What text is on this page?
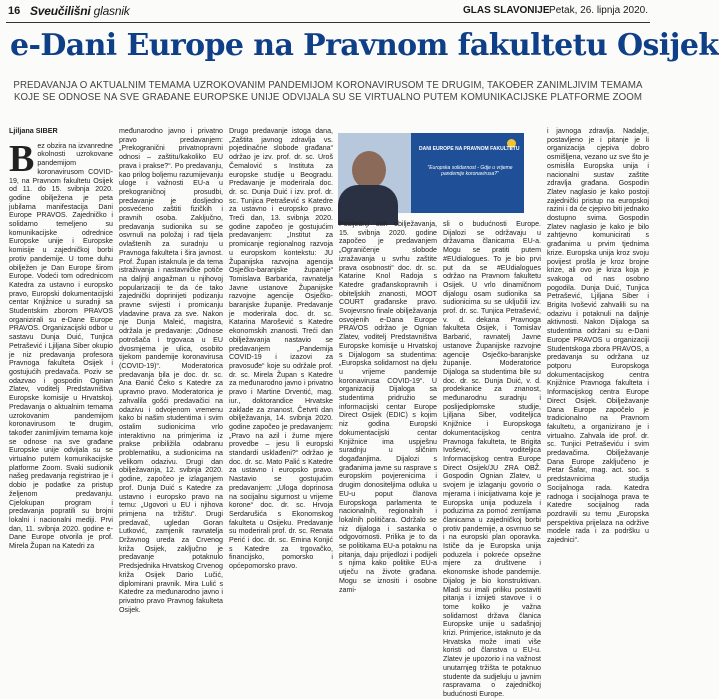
16 Sveučilišni glasnik	GLAS SLAVONIJE Petak, 26. lipnja 2020.
e-Dani Europe na Pravnom fakultetu Osijek

PREDAVANJA O AKTUALNIM TEMAMA UZROKOVANIM PANDEMIJOM KORONAVIRUSOM TE DRUGIM, TAKOĐER ZANIMLJIVIM TEMAMA KOJE SE ODNOSE NA SVE GRAĐANE EUROPSKE UNIJE ODVIJALA SU SE VIRTUALNO PUTEM KOMUNIKACIJSKE PLATFORME ZOOM

Ljiljana SIBER

Bez obzira na izvanredne okolnosti uzrokovane pandemijom koronavirusom COVID-19, na Pravnom fakultetu Osijek od 11. do 15. svibnja 2020. godine obilježena je peta jubilarna manifestacija Dani Europe PRAVOS. Zajedničko i solidarno temeljeno su komunikacijske odrednice Europske unije i Europske komisije u zajedničkoj borbi protiv pandemije. U tome duhu obilježen je Dan Europe širom Europe. Vodeći tom odrednicom Katedra za ustavno i europsko pravo, Europski dokumentacijski centar Knjižnice u suradnji sa Studentskim zborom PRAVOS organizirali su e-Dane Europe PRAVOS. Organizacijski odbor u sastavu Dunja Duić, Tunjica Petrašević i Ljiljana Siber okupio je niz predavanja profesora Pravnoga fakulteta Osijek i gostujućih predavača. Poziv se odazvao i gospodin Ognian Zlatev, voditelj Predstavništva Europske komisije u Hrvatskoj. Predavanja o aktualnim temama uzrokovanim pandemijom koronavirusom te drugim, također zanimljivim temama koje se odnose na sve građane Europske unije odvijala su se virtualno putem komunikacijske platforme Zoom. Svaki sudionik našeg predavanja registrirao je i dobio je podatke za pristup željenom predavanju. Cjelokupan program i predavanja popratili su brojni lokalni i nacionalni mediji. Prvi dan, 11. svibnja 2020. godine e-Dane Europe otvorila je prof. Mirela Župan na Katedri za

međunarodno javno i privatno pravo predavanjem: „Prekogranični privatnopravni odnosi – zaštitu/kakoliko EU prava i prakse?“. Po predavanju, kao prilog boljemu razumijevanju uloge i važnosti EU-a u prekograničnoj prosudbi, predavanje je dosljedno posvećeno zaštiti fizičkih i pravnih osoba. Zaključno, predavanja sudionika su se osvrnuli na položaj i rad tijela ovlaštenih za suradnju u Pravnoga fakulteta i šira javnost. Prof. Župan istaknula je da tema istraživanja i nastavničke potiče na daljnji angažman u njihovoj popularizaciji te da će tako zajednički doprinijeti podizanju pravne svijesti i promicanju vladavine prava za sve. Nakon nje Dunja Maleić, magistra, održala je predavanje: „Odnose potrošača i trgovaca u EU dvosmjerna je ulica, osobito tijekom pandemije koronavirusa (COVID-19)“. Moderatorica predavanja bila je doc. dr. sc. Ana Đanić Čeko s Katedre za upravno pravo. Moderatorica je zahvalila gošći predavačici na odazivu i odvojenom vremenu kako bi našim studentima i svim ostalim sudionicima vrlo interaktivno na primjerima iz prakse pribiližila odabranu problematiku, a sudionicima na velikom odazivu. Drugi dan obilježavanja, 12. svibnja 2020. godine, započeo je izlaganjem prof. Dunja Duić s Katedre za ustavno i europsko pravo na temu: „Ugovori u EU i njihova primjena na tržištu“. Drugi predavač, ugledan Goran Lutković, zamjenik ravnatelja Državnog ureda za Crvenog križa Osijek, zaključno je predavanje potaknulo Predsjednika Hrvatskog Crvenog križa Osijek Dario Lučić, diplomirani pravnik. Mira Lulić s Katedre za međunarodno javno i privatno pravo Pravnog fakulteta Osijek.

Drugo predavanje istoga dana, „Zaštita javnog zdravlja vs. pojedinačne slobode građana“ održao je izv. prof. dr. sc. Uroš Čemalović s Instituta za europske studije u Beogradu. Predavanje je moderirala doc. dr. sc. Dunja Duić i izv. prof. dr. sc. Tunjica Petrašević s Katedre za ustavno i europsko pravo. Treći dan, 13. svibnja 2020. godine započeo je gostujućim predavanjem: „Institut za promicanje regionalnog razvoja u europskom kontekstu: JU Županijska razvojna agencija Osječko-baranjske županije“ Tomislava Barbarića, ravnatelja Javne ustanove Županijske razvojne agencije Osječko-baranjske županije. Predavanje je moderirala doc. dr. sc. Katarina Marošević s Katedre ekonomskih znanosti. Treći dan obilježavanja nastavio se predavanjem „Pandemija COVID-19 i izazovi za pravosuđe“ koje su održale prof. dr. sc. Mirela Župan s Katedre za međunarodno javno i privatno pravo i Martine Drventić, mag. iur., doktorandice Hrvatske zaklade za znanost. Četvrti dan obilježavanja, 14. svibnja 2020. godine započeo je predavanjem: „Pravo na azil i žurne mjere provedbe – jesu li europski standardi usklađeni?“ održao je doc. dr. sc. Mato Palić s Katedre za ustavno i europsko pravo. Nastavio se gostujućim predavanjem: „Uloga doprinosa na socijalnu sigurnost u vrijeme korone“ doc. dr. sc. Hrvoja Serdarušića s Ekonomskog fakulteta u Osijeku. Predavanje su moderirali prof. dr. sc. Renata Perić i doc. dr. sc. Emina Konjić s Katedre za trgovačko, financijsko, pomorsko i općepomorsko pravo.

DANI EUROPE NA PRAVNOM FAKULTETU
"Europska solidarnost - Gdje u vrijeme pandemije koronavirusa?"

Posljednji dan obilježavanja, 15. svibnja 2020. godine započeo je predavanjem „Ograničenje slobode izražavanja u svrhu zaštite prava osobnosti“ doc. dr. sc. Katarine Knol Radoja s Katedre građanskopravnih i obiteljskih znanosti, MOOT COURT građanske pravo. Svojevrsno finale obilježavanja osvojenih e-Dana Europe PRAVOS održao je Ognian Zlatev, voditelj Predstavništva Europske komisije u Hrvatskoj s Dijalogom sa studentima: „Europska solidarnost na djelu u vrijeme pandemije koronavirusa COVID-19“. U organizaciji Dijaloga sa studentima pridružio se informacijski centar Europe Direct Osijek (EDIC) s kojim niz godina Europski dokumentacijski centar Knjižnice ima uspješnu suradnju u sličnim događanjima. Dijalozi s građanima javne su rasprave s europskim povjerenicima i drugim donositeljima odluka u EU-u poput članova Europskoga parlamenta te nacionalnih, regionalnih i lokalnih političara. Održalo se niz dijaloga i sastanka o odgovornosti. Prilika je to da se politikama EU-a potaknu na pitanja, daju prijedlozi i podijeli s njima kako politike EU-a utječu na živote građana. Mogu se iznositi i osobne zami-

sli o budućnosti Europe. Dijalozi se održavaju u državama članicama EU-a. Mogu se pratiti putem #EUdialogues. To je bio prvi put da se #EUdialogues održao na Pravnom fakultetu Osijek. U vrlo dinamičnom dijalogu osam sudionika sa sudionicima su se uključili izv. prof. dr. sc. Tunjica Petrašević, v. d. dekana Pravnoga fakulteta Osijek, i Tomislav Barbarić, ravnatelj Javne ustanove Županijske razvojne agencije Osječko-baranjske županije. Moderatorice Dijaloga sa studentima bile su doc. dr. sc. Dunja Duić, v. d. prodekanice za znanost, međunarodnu suradnju i poslijediplomske studije, Ljiljana Siber, voditeljica Knjižnice i Europskoga dokumentacijskog centra Pravnoga fakulteta, te Brigita Ivošević, voditeljica Informacijskog centra Europe Direct Osijek/JU ZRA OBŽ. Gospodin Ognian Zlatev, u svojem je izlaganju govorio o mjerama i inicijativama koje je Europska unija poduzela i poduzima za pomoć zemljama članicama u zajedničkoj borbi protiv pandemije, a osvrnuo se i na europski plan oporavka. Ističe da je Europska unija poduzela i pokreće opsežne mjere za društvene i ekonomske ishode pandemije. Dijalog je bio konstruktivan. Mladi su imali priliku postaviti pitanja i iznijeti stavove i o tome koliko je važna solidarnost država članica Europske unije u sadašnjoj krizi. Primjerice, istaknuto je da Hrvatska može imati više koristi od članstva u EU-u. Zlatev je upozorio i na važnost unutarnjeg tržišta te potaknuo studente da sudjeluju u javnim raspravama o zajedničkoj budućnosti Europe.

i javnoga zdravlja. Nadalje, postavljeno je i pitanje je li organizacija cjepiva dobro osmišljena, vezano uz sve što je osmislila Europska unija i nacionalni sustav zaštite zdravlja građana. Gospodin Zlatev naglasio je kako postoji zajednički pristup na europskoj razini i da će cjepivo biti jednako dostupno svima. Gospodin Zlatev naglasio je kako je bilo zahtjevno komunicirati s građanima u prvim tjednima krize. Europska unija kroz svoju povijest prošla je kroz brojne krize, ali ovo je kriza koja je svakoga od nas osobno pogodila. Dunja Duić, Tunjica Petrašević, Ljiljana Siber i Brigita Ivošević zahvalili su na odazivu i potaknuli na daljnje aktivnosti. Nakon Dijaloga sa studentima održani su e-Dani Europe PRAVOS u organizaciji Studentskoga zbora PRAVOS, a predavanja su održana uz potporu Europskoga dokumentacijskog centra Knjižnice Pravnoga fakulteta i Informacijskog centra Europe Direct Osijek. Obilježavanje Dana Europe započelo je tradicionalno na Pravnom fakultetu, a organizirano je i virtualno. Zahvala ide prof. dr. sc. Tunjici Petraševiću i svim predavačima. Obilježavanje Dana Europe zaključeno je Petar Šafar, mag. act. soc. s predstavnicima studija Socijalnoga rada. Katedra radnoga i socijalnoga prava te Katedre socijalnog rada pozdravili su temu „Europska perspektiva prijelaza na održive modele rada i za podršku u zajednici“.
